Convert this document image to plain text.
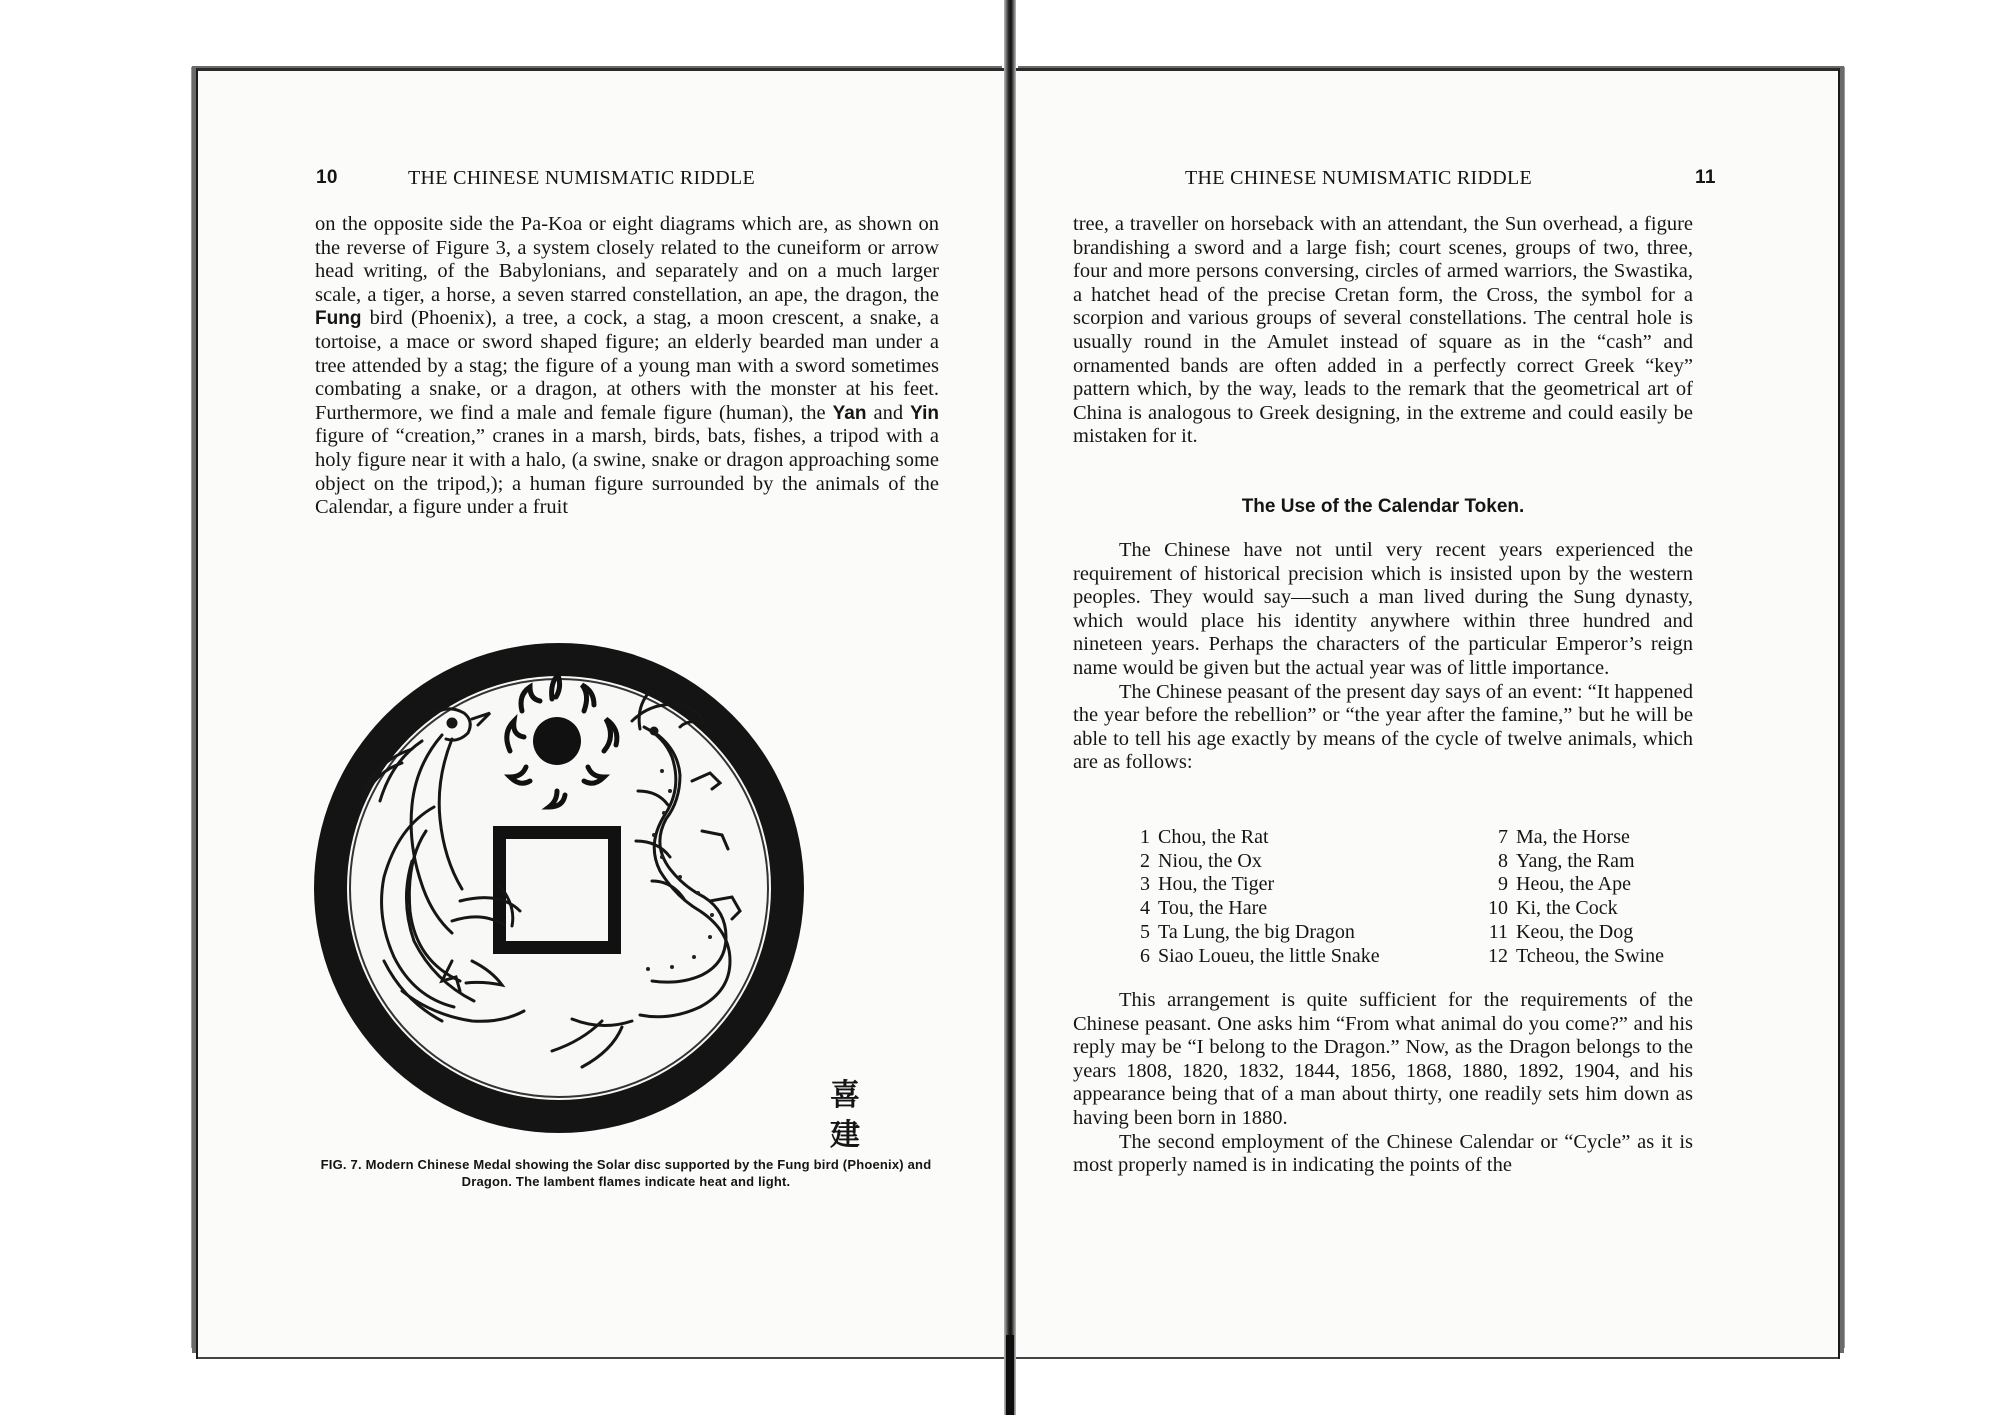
10	THE CHINESE NUMISMATIC RIDDLE

on the opposite side the Pa-Koa or eight diagrams which are, as shown on the reverse of Figure 3, a system closely related to the cuneiform or arrow head writing, of the Babylonians, and separately and on a much larger scale, a tiger, a horse, a seven starred constellation, an ape, the dragon, the Fung bird (Phoenix), a tree, a cock, a stag, a moon crescent, a snake, a tortoise, a mace or sword shaped figure; an elderly bearded man under a tree attended by a stag; the figure of a young man with a sword sometimes combating a snake, or a dragon, at others with the monster at his feet. Furthermore, we find a male and female figure (human), the Yan and Yin figure of “creation,” cranes in a marsh, birds, bats, fishes, a tripod with a holy figure near it with a halo, (a swine, snake or dragon approaching some object on the tripod,); a human figure surrounded by the animals of the Calendar, a figure under a fruit

喜
建
FIG. 7. Modern Chinese Medal showing the Solar disc supported by the Fung bird (Phoenix) and Dragon. The lambent flames indicate heat and light.
THE CHINESE NUMISMATIC RIDDLE	11

tree, a traveller on horseback with an attendant, the Sun overhead, a figure brandishing a sword and a large fish; court scenes, groups of two, three, four and more persons conversing, circles of armed warriors, the Swastika, a hatchet head of the precise Cretan form, the Cross, the symbol for a scorpion and various groups of several constellations. The central hole is usually round in the Amulet instead of square as in the “cash” and ornamented bands are often added in a perfectly correct Greek “key” pattern which, by the way, leads to the remark that the geometrical art of China is analogous to Greek designing, in the extreme and could easily be mistaken for it.

The Use of the Calendar Token.

The Chinese have not until very recent years experienced the requirement of historical precision which is insisted upon by the western peoples. They would say—such a man lived during the Sung dynasty, which would place his identity anywhere within three hundred and nineteen years. Perhaps the characters of the particular Emperor’s reign name would be given but the actual year was of little importance.

The Chinese peasant of the present day says of an event: “It happened the year before the rebellion” or “the year after the famine,” but he will be able to tell his age exactly by means of the cycle of twelve animals, which are as follows:

1 Chou, the Rat	7 Ma, the Horse
2 Niou, the Ox	8 Yang, the Ram
3 Hou, the Tiger	9 Heou, the Ape
4 Tou, the Hare	10 Ki, the Cock
5 Ta Lung, the big Dragon	11 Keou, the Dog
6 Siao Loueu, the little Snake	12 Tcheou, the Swine

This arrangement is quite sufficient for the requirements of the Chinese peasant. One asks him “From what animal do you come?” and his reply may be “I belong to the Dragon.” Now, as the Dragon belongs to the years 1808, 1820, 1832, 1844, 1856, 1868, 1880, 1892, 1904, and his appearance being that of a man about thirty, one readily sets him down as having been born in 1880.

The second employment of the Chinese Calendar or “Cycle” as it is most properly named is in indicating the points of the
